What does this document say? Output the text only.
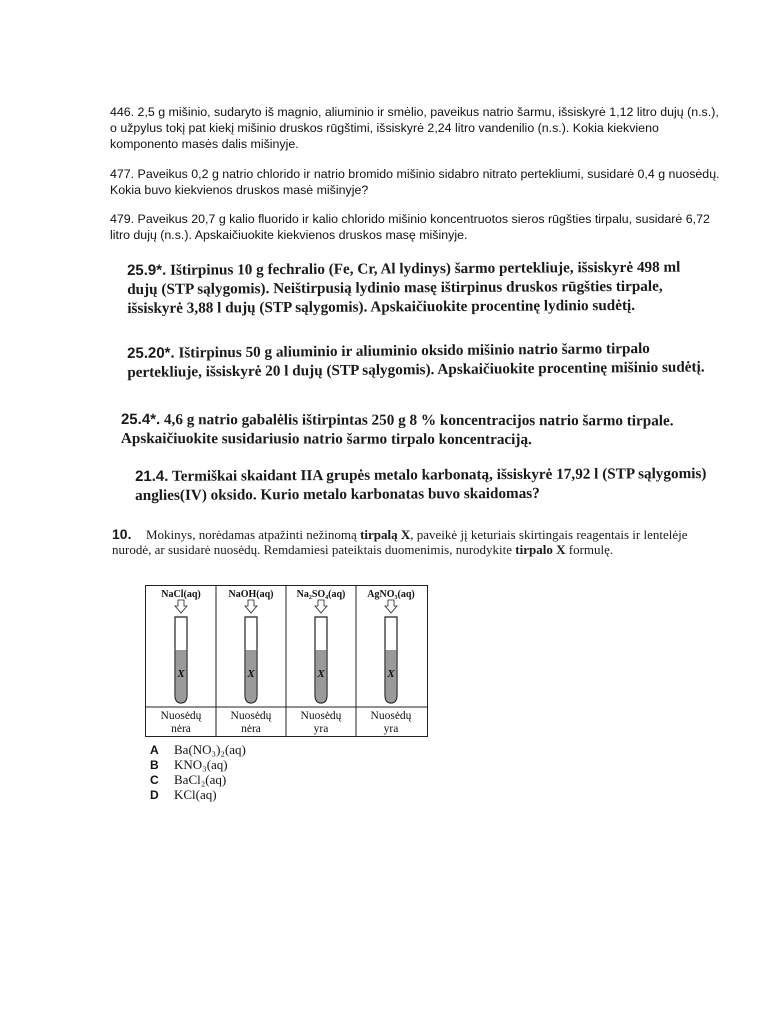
446. 2,5 g mišinio, sudaryto iš magnio, aliuminio ir smėlio, paveikus natrio šarmu, išsiskyrė 1,12 litro dujų (n.s.), o užpylus tokį pat kiekį mišinio druskos rūgštimi, išsiskyrė 2,24 litro vandenilio (n.s.). Kokia kiekvieno komponento masės dalis mišinyje.
477. Paveikus 0,2 g natrio chlorido ir natrio bromido mišinio sidabro nitrato pertekliumi, susidarė 0,4 g nuosėdų. Kokia buvo kiekvienos druskos masė mišinyje?
479. Paveikus 20,7 g kalio fluorido ir kalio chlorido mišinio koncentruotos sieros rūgšties tirpalu, susidarė 6,72 litro dujų (n.s.). Apskaičiuokite kiekvienos druskos masę mišinyje.
25.9*. Ištirpinus 10 g fechralio (Fe, Cr, Al lydinys) šarmo pertekliuje, išsiskyrė 498 ml dujų (STP sąlygomis). Neištirpusią lydinio masę ištirpinus druskos rūgšties tirpale, išsiskyrė 3,88 l dujų (STP sąlygomis). Apskaičiuokite procentinę lydinio sudėtį.
25.20*. Ištirpinus 50 g aliuminio ir aliuminio oksido mišinio natrio šarmo tirpalo pertekliuje, išsiskyrė 20 l dujų (STP sąlygomis). Apskaičiuokite procentinę mišinio sudėtį.
25.4*. 4,6 g natrio gabalėlis ištirpintas 250 g 8 % koncentracijos natrio šarmo tirpale. Apskaičiuokite susidariusio natrio šarmo tirpalo koncentraciją.
21.4. Termiškai skaidant IIA grupės metalo karbonatą, išsiskyrė 17,92 l (STP sąlygomis) anglies(IV) oksido. Kurio metalo karbonatas buvo skaidomas?
10. Mokinys, norėdamas atpažinti nežinomą tirpalą X, paveikė jį keturiais skirtingais reagentais ir lentelėje nurodė, ar susidarė nuosėdų. Remdamiesi pateiktais duomenimis, nurodykite tirpalo X formulę.
NaCl(aq)
X
Nuosėdų
nėra
NaOH(aq)
X
Nuosėdų
nėra
Na₂SO₄(aq)
X
Nuosėdų
yra
AgNO₃(aq)
X
Nuosėdų
yra
A Ba(NO₃)₂(aq)
B KNO₃(aq)
C BaCl₂(aq)
D KCl(aq)
